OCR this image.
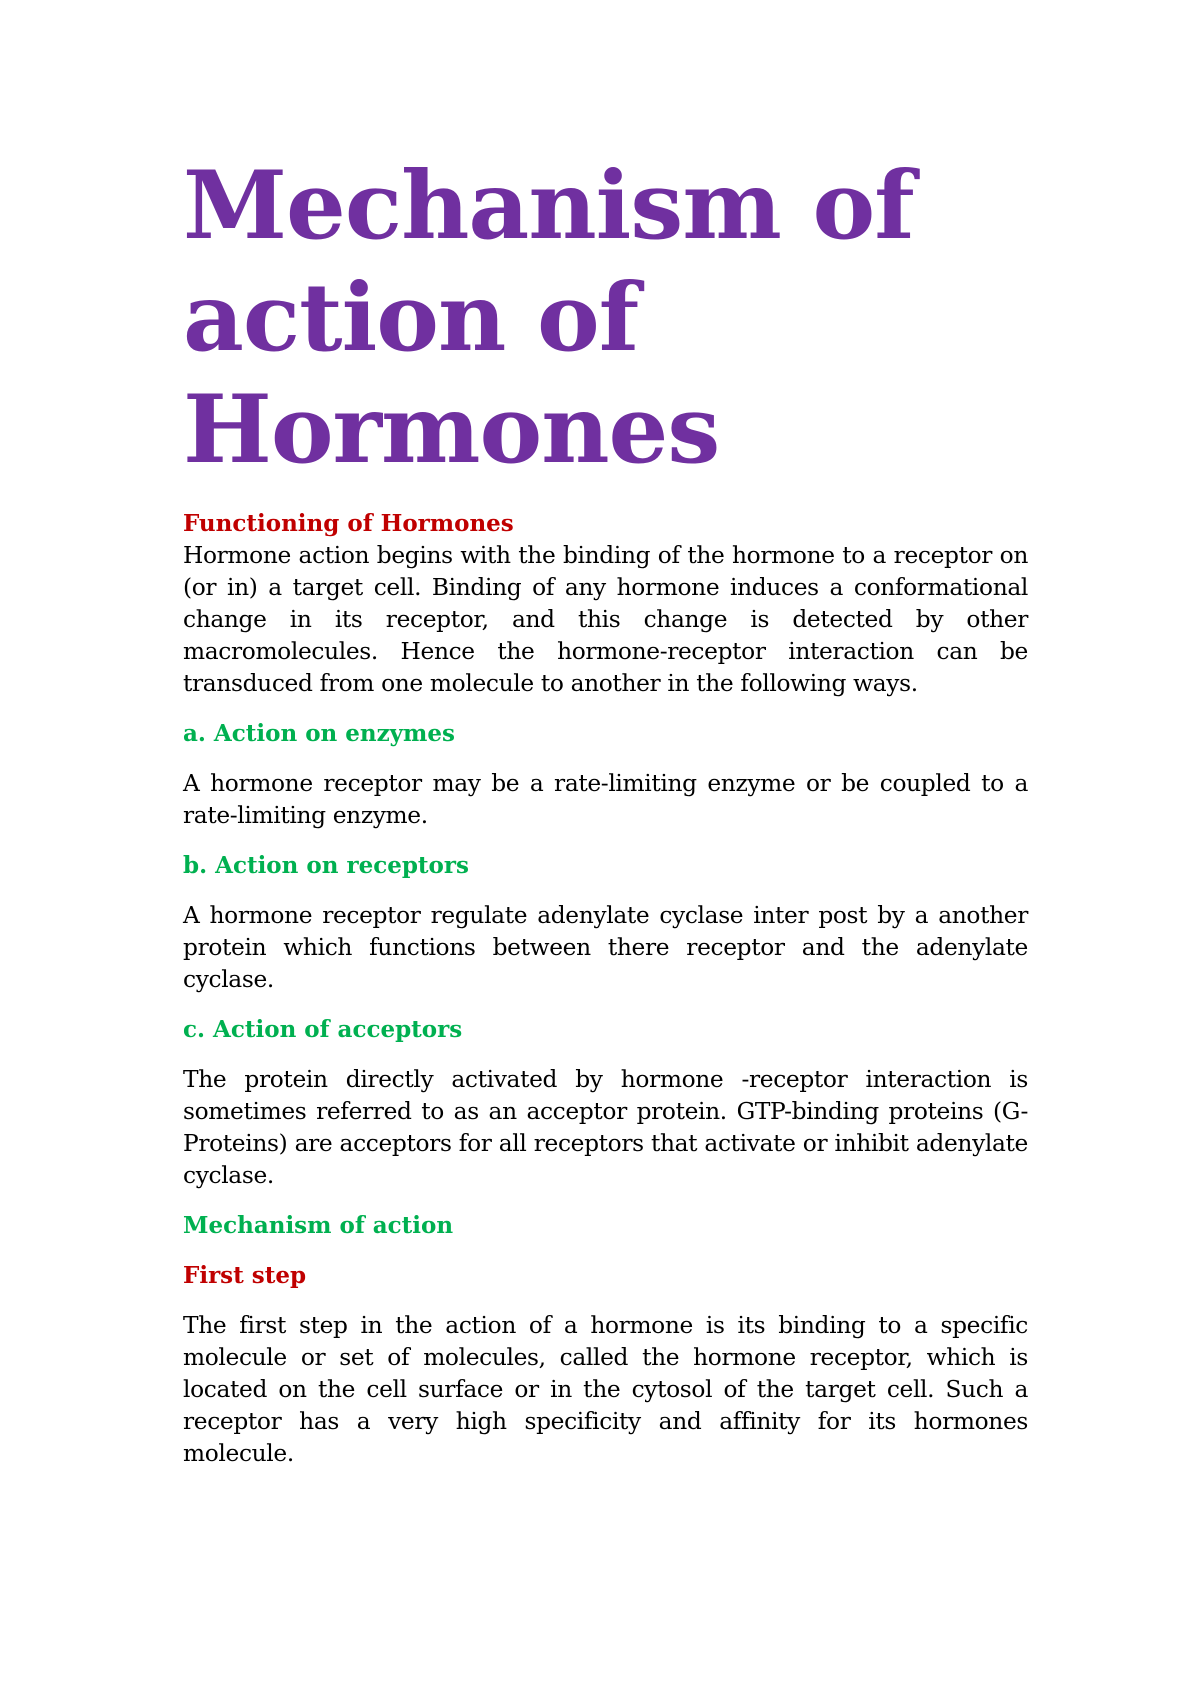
Mechanism of
action of
Hormones
Functioning of Hormones

Hormone action begins with the binding of the hormone to a receptor on (or in) a target cell. Binding of any hormone induces a conformational change in its receptor, and this change is detected by other macromolecules. Hence the hormone-receptor interaction can be transduced from one molecule to another in the following ways.

a. Action on enzymes

A hormone receptor may be a rate-limiting enzyme or be coupled to a rate-limiting enzyme.

b. Action on receptors

A hormone receptor regulate adenylate cyclase inter post by a another protein which functions between there receptor and the adenylate cyclase.

c. Action of acceptors

The protein directly activated by hormone -receptor interaction is sometimes referred to as an acceptor protein. GTP-binding proteins (G-Proteins) are acceptors for all receptors that activate or inhibit adenylate cyclase.

Mechanism of action
First step

The first step in the action of a hormone is its binding to a specific molecule or set of molecules, called the hormone receptor, which is located on the cell surface or in the cytosol of the target cell. Such a receptor has a very high specificity and affinity for its hormones molecule.
